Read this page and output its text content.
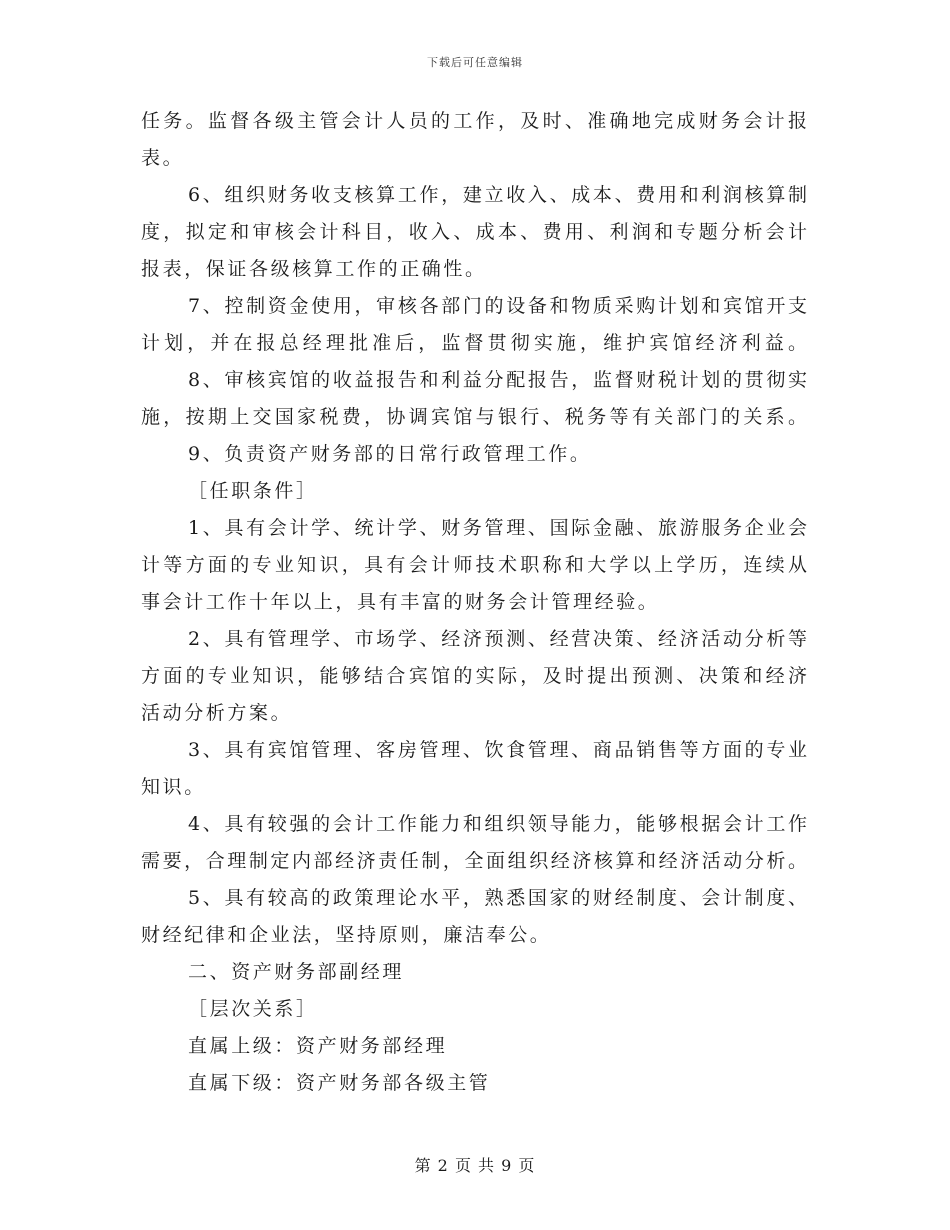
下载后可任意编辑
任务。监督各级主管会计人员的工作，及时、准确地完成财务会计报
表。
6、组织财务收支核算工作，建立收入、成本、费用和利润核算制
度，拟定和审核会计科目，收入、成本、费用、利润和专题分析会计
报表，保证各级核算工作的正确性。
7、控制资金使用，审核各部门的设备和物质采购计划和宾馆开支
计划，并在报总经理批准后，监督贯彻实施，维护宾馆经济利益。
8、审核宾馆的收益报告和利益分配报告，监督财税计划的贯彻实
施，按期上交国家税费，协调宾馆与银行、税务等有关部门的关系。
9、负责资产财务部的日常行政管理工作。
［任职条件］
1、具有会计学、统计学、财务管理、国际金融、旅游服务企业会
计等方面的专业知识，具有会计师技术职称和大学以上学历，连续从
事会计工作十年以上，具有丰富的财务会计管理经验。
2、具有管理学、市场学、经济预测、经营决策、经济活动分析等
方面的专业知识，能够结合宾馆的实际，及时提出预测、决策和经济
活动分析方案。
3、具有宾馆管理、客房管理、饮食管理、商品销售等方面的专业
知识。
4、具有较强的会计工作能力和组织领导能力，能够根据会计工作
需要，合理制定内部经济责任制，全面组织经济核算和经济活动分析。
5、具有较高的政策理论水平，熟悉国家的财经制度、会计制度、
财经纪律和企业法，坚持原则，廉洁奉公。
二、资产财务部副经理
［层次关系］
直属上级：资产财务部经理
直属下级：资产财务部各级主管
第 2 页 共 9 页
